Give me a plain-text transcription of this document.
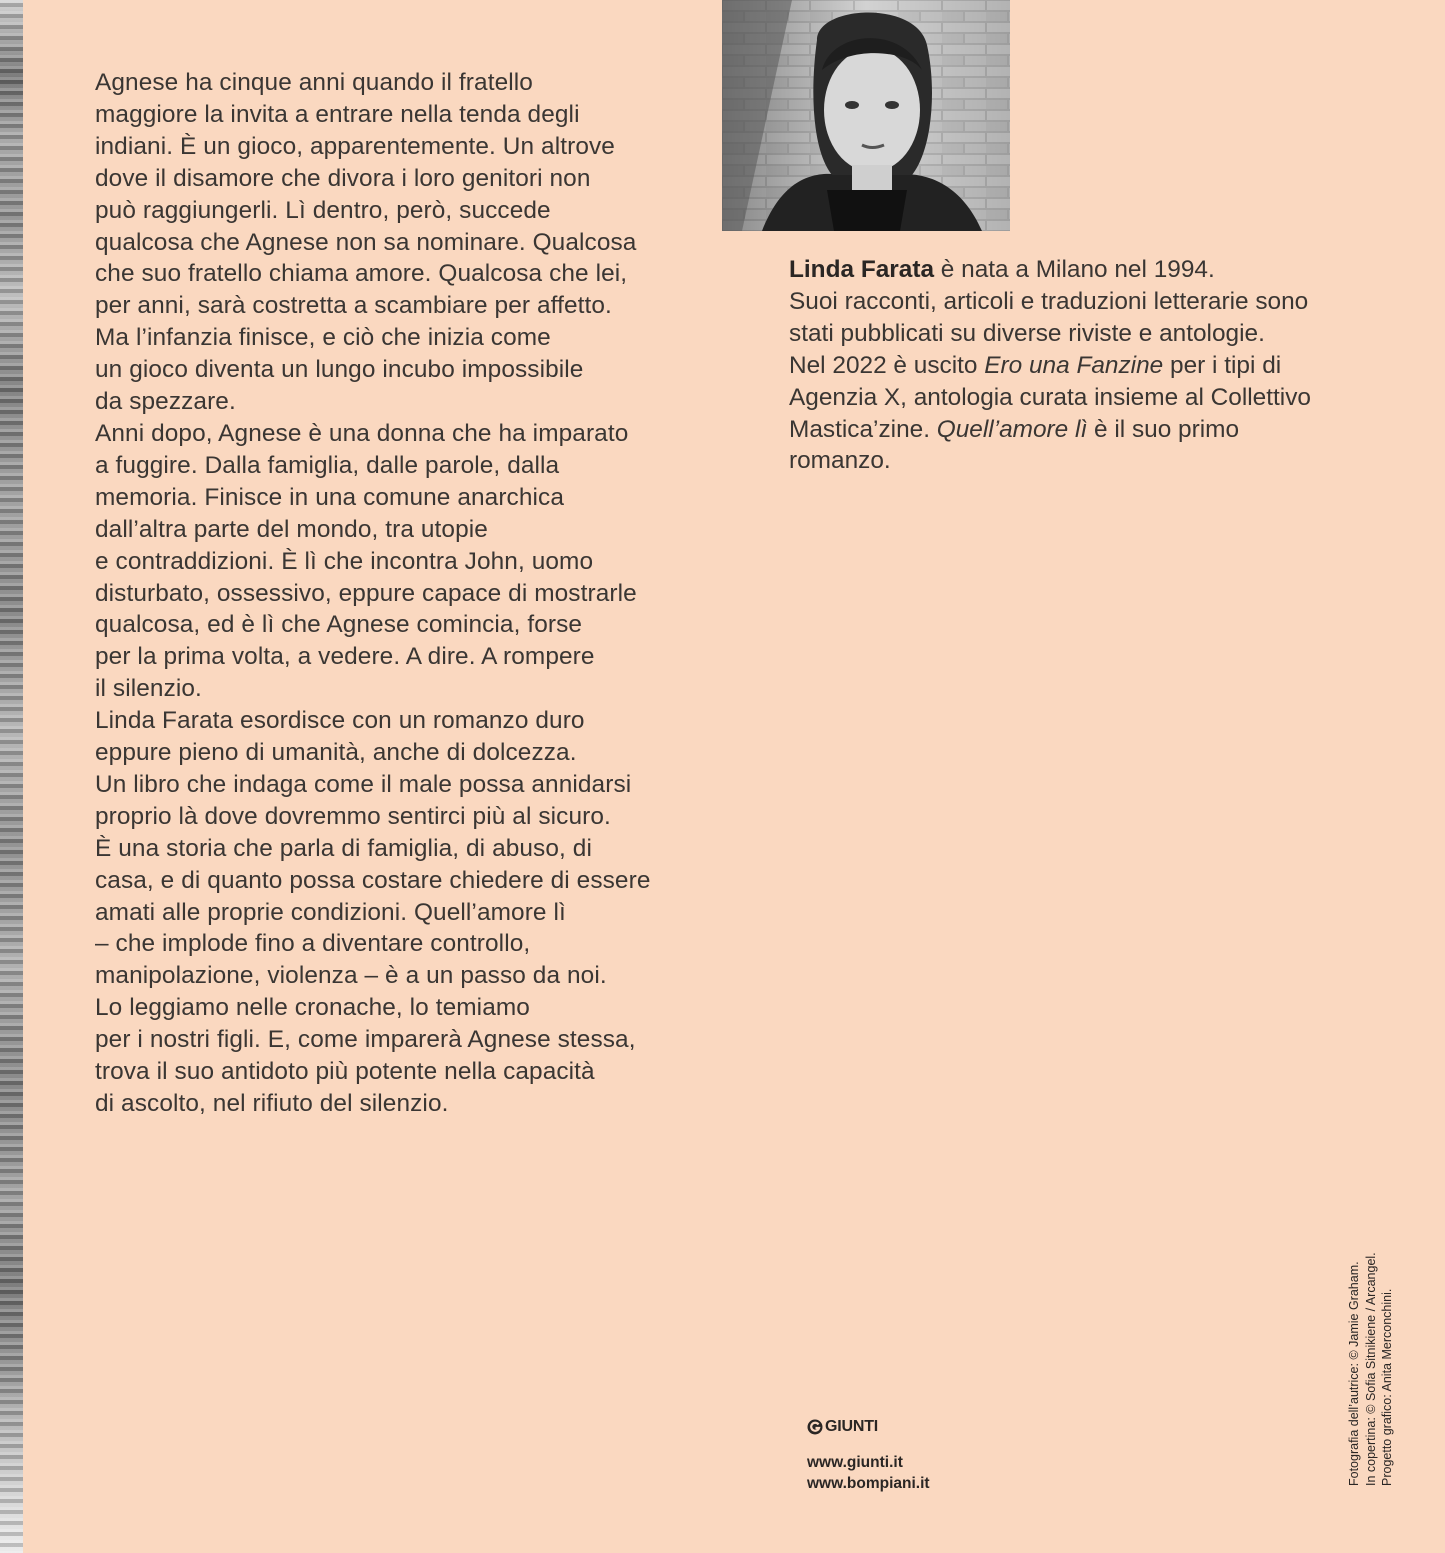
Agnese ha cinque anni quando il fratello
maggiore la invita a entrare nella tenda degli
indiani. È un gioco, apparentemente. Un altrove
dove il disamore che divora i loro genitori non
può raggiungerli. Lì dentro, però, succede
qualcosa che Agnese non sa nominare. Qualcosa
che suo fratello chiama amore. Qualcosa che lei,
per anni, sarà costretta a scambiare per affetto.
Ma l’infanzia finisce, e ciò che inizia come
un gioco diventa un lungo incubo impossibile
da spezzare.
Anni dopo, Agnese è una donna che ha imparato
a fuggire. Dalla famiglia, dalle parole, dalla
memoria. Finisce in una comune anarchica
dall’altra parte del mondo, tra utopie
e contraddizioni. È lì che incontra John, uomo
disturbato, ossessivo, eppure capace di mostrarle
qualcosa, ed è lì che Agnese comincia, forse
per la prima volta, a vedere. A dire. A rompere
il silenzio.
Linda Farata esordisce con un romanzo duro
eppure pieno di umanità, anche di dolcezza.
Un libro che indaga come il male possa annidarsi
proprio là dove dovremmo sentirci più al sicuro.
È una storia che parla di famiglia, di abuso, di
casa, e di quanto possa costare chiedere di essere
amati alle proprie condizioni. Quell’amore lì
– che implode fino a diventare controllo,
manipolazione, violenza – è a un passo da noi.
Lo leggiamo nelle cronache, lo temiamo
per i nostri figli. E, come imparerà Agnese stessa,
trova il suo antidoto più potente nella capacità
di ascolto, nel rifiuto del silenzio.
Linda Farata è nata a Milano nel 1994.
Suoi racconti, articoli e traduzioni letterarie sono
stati pubblicati su diverse riviste e antologie.
Nel 2022 è uscito Ero una Fanzine per i tipi di
Agenzia X, antologia curata insieme al Collettivo
Mastica’zine. Quell’amore lì è il suo primo
romanzo.
GIUNTI
www.giunti.it
www.bompiani.it	Fotografia dell’autrice: © Jamie Graham. In copertina: © Sofia Sitnikiene / Arcangel. Progetto grafico: Anita Merconchini.
